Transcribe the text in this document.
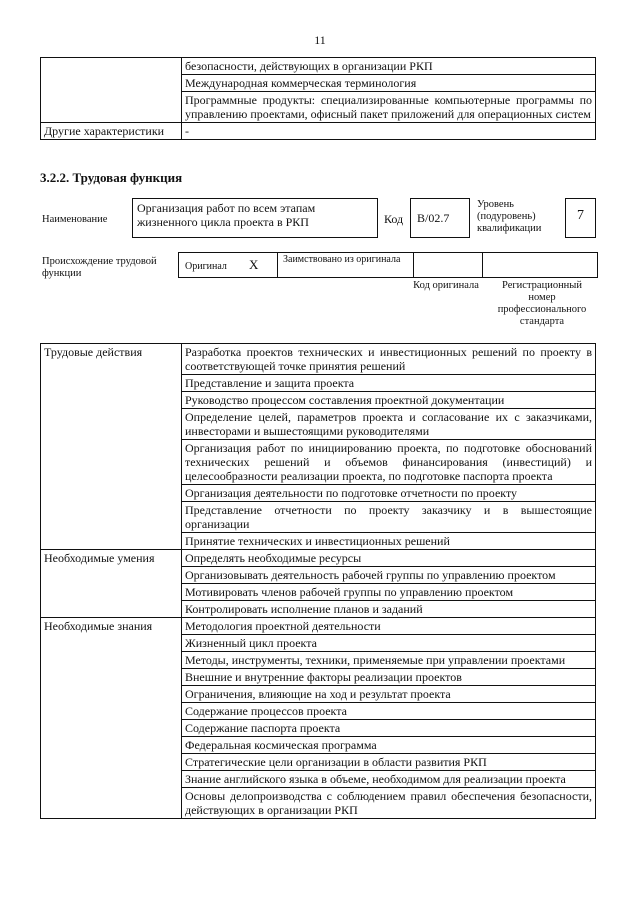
11
	безопасности, действующих в организации РКП
	Международная коммерческая терминология
	Программные продукты: специализированные компьютерные программы по управлению проектами, офисный пакет приложений для операционных систем
Другие характеристики	-
3.2.2. Трудовая функция
Наименование
Организация работ по всем этапам жизненного цикла проекта в РКП	Код	B/02.7
Уровень (подуровень) квалификации
7
Происхождение трудовой функции
Оригинал X Заимствовано из оригинала
Код оригинала	Регистрационный номер профессионального стандарта
Трудовые действия	Разработка проектов технических и инвестиционных решений по проекту в соответствующей точке принятия решений
	Представление и защита проекта
	Руководство процессом составления проектной документации
	Определение целей, параметров проекта и согласование их с заказчиками, инвесторами и вышестоящими руководителями
	Организация работ по инициированию проекта, по подготовке обоснований технических решений и объемов финансирования (инвестиций) и целесообразности реализации проекта, по подготовке паспорта проекта
	Организация деятельности по подготовке отчетности по проекту
	Представление отчетности по проекту заказчику и в вышестоящие организации
	Принятие технических и инвестиционных решений
Необходимые умения	Определять необходимые ресурсы
	Организовывать деятельность рабочей группы по управлению проектом
	Мотивировать членов рабочей группы по управлению проектом
	Контролировать исполнение планов и заданий
Необходимые знания	Методология проектной деятельности
	Жизненный цикл проекта
	Методы, инструменты, техники, применяемые при управлении проектами
	Внешние и внутренние факторы реализации проектов
	Ограничения, влияющие на ход и результат проекта
	Содержание процессов проекта
	Содержание паспорта проекта
	Федеральная космическая программа
	Стратегические цели организации в области развития РКП
	Знание английского языка в объеме, необходимом для реализации проекта
	Основы делопроизводства с соблюдением правил обеспечения безопасности, действующих в организации РКП
